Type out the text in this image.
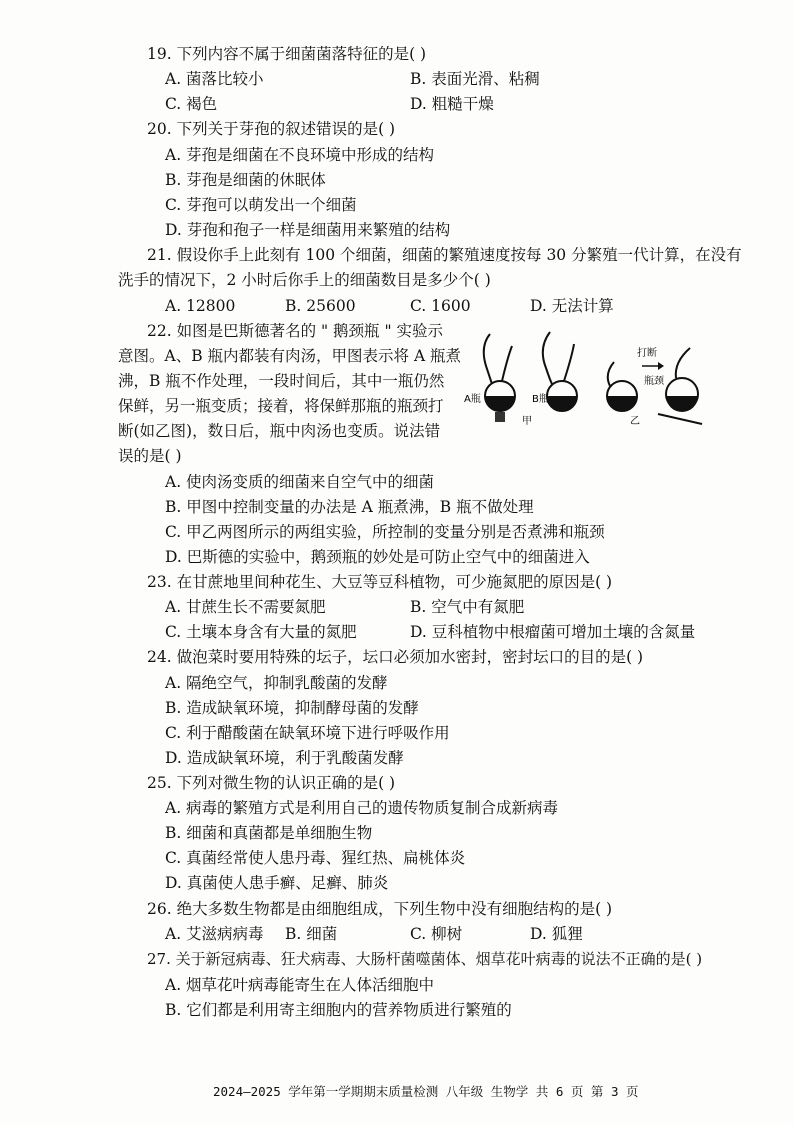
19. 下列内容不属于细菌菌落特征的是( )
A. 菌落比较小	B. 表面光滑、粘稠
C. 褐色	D. 粗糙干燥
20. 下列关于芽孢的叙述错误的是( )
A. 芽孢是细菌在不良环境中形成的结构
B. 芽孢是细菌的休眠体
C. 芽孢可以萌发出一个细菌
D. 芽孢和孢子一样是细菌用来繁殖的结构
21. 假设你手上此刻有 100 个细菌，细菌的繁殖速度按每 30 分繁殖一代计算，在没有
洗手的情况下，2 小时后你手上的细菌数目是多少个( )
A. 12800	B. 25600	C. 1600	D. 无法计算
22. 如图是巴斯德著名的 " 鹅颈瓶 " 实验示
意图。A、B 瓶内都装有肉汤，甲图表示将 A 瓶煮
沸，B 瓶不作处理，一段时间后，其中一瓶仍然
保鲜，另一瓶变质；接着，将保鲜那瓶的瓶颈打
断(如乙图)，数日后，瓶中肉汤也变质。说法错
误的是( )
A瓶	B瓶
甲
打断
瓶颈
乙
A. 使肉汤变质的细菌来自空气中的细菌
B. 甲图中控制变量的办法是 A 瓶煮沸，B 瓶不做处理
C. 甲乙两图所示的两组实验，所控制的变量分别是否煮沸和瓶颈
D. 巴斯德的实验中，鹅颈瓶的妙处是可防止空气中的细菌进入
23. 在甘蔗地里间种花生、大豆等豆科植物，可少施氮肥的原因是( )
A. 甘蔗生长不需要氮肥	B. 空气中有氮肥
C. 土壤本身含有大量的氮肥	D. 豆科植物中根瘤菌可增加土壤的含氮量
24. 做泡菜时要用特殊的坛子，坛口必须加水密封，密封坛口的目的是( )
A. 隔绝空气，抑制乳酸菌的发酵
B. 造成缺氧环境，抑制酵母菌的发酵
C. 利于醋酸菌在缺氧环境下进行呼吸作用
D. 造成缺氧环境，利于乳酸菌发酵
25. 下列对微生物的认识正确的是( )
A. 病毒的繁殖方式是利用自己的遗传物质复制合成新病毒
B. 细菌和真菌都是单细胞生物
C. 真菌经常使人患丹毒、猩红热、扁桃体炎
D. 真菌使人患手癣、足癣、肺炎
26. 绝大多数生物都是由细胞组成，下列生物中没有细胞结构的是( )
A. 艾滋病病毒 B. 细菌	C. 柳树	D. 狐狸
27. 关于新冠病毒、狂犬病毒、大肠杆菌噬菌体、烟草花叶病毒的说法不正确的是( )
A. 烟草花叶病毒能寄生在人体活细胞中
B. 它们都是利用寄主细胞内的营养物质进行繁殖的
2024—2025 学年第一学期期末质量检测 八年级 生物学 共 6 页 第 3 页
